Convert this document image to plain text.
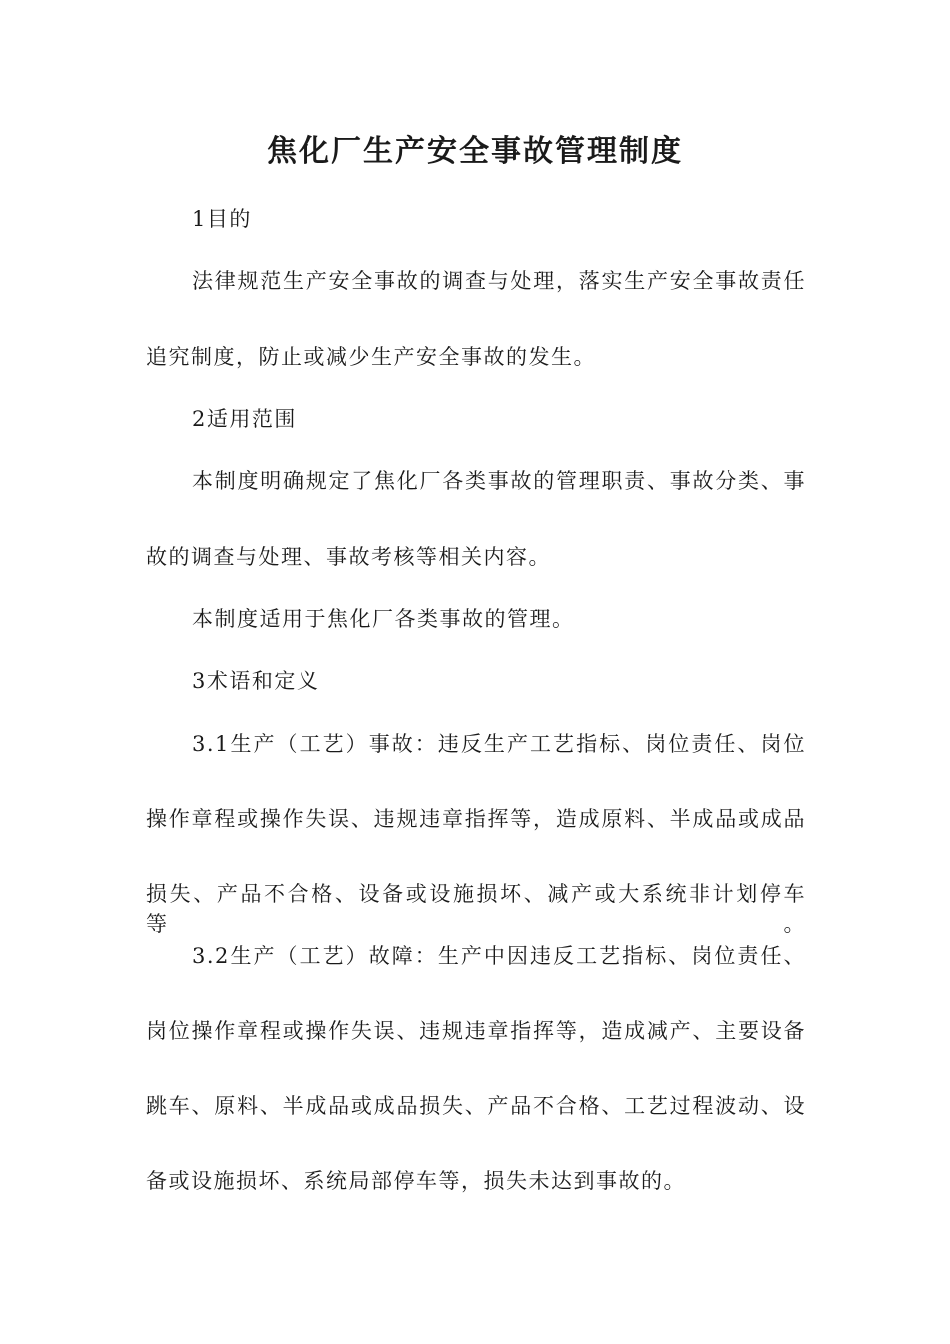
焦化厂生产安全事故管理制度
1目的
法律规范生产安全事故的调查与处理，落实生产安全事故责任
追究制度，防止或减少生产安全事故的发生。
2适用范围
本制度明确规定了焦化厂各类事故的管理职责、事故分类、事
故的调查与处理、事故考核等相关内容。
本制度适用于焦化厂各类事故的管理。
3术语和定义
3.1生产（工艺）事故：违反生产工艺指标、岗位责任、岗位
操作章程或操作失误、违规违章指挥等，造成原料、半成品或成品
损失、产品不合格、设备或设施损坏、减产或大系统非计划停车等。
3.2生产（工艺）故障：生产中因违反工艺指标、岗位责任、
岗位操作章程或操作失误、违规违章指挥等，造成减产、主要设备
跳车、原料、半成品或成品损失、产品不合格、工艺过程波动、设
备或设施损坏、系统局部停车等，损失未达到事故的。
